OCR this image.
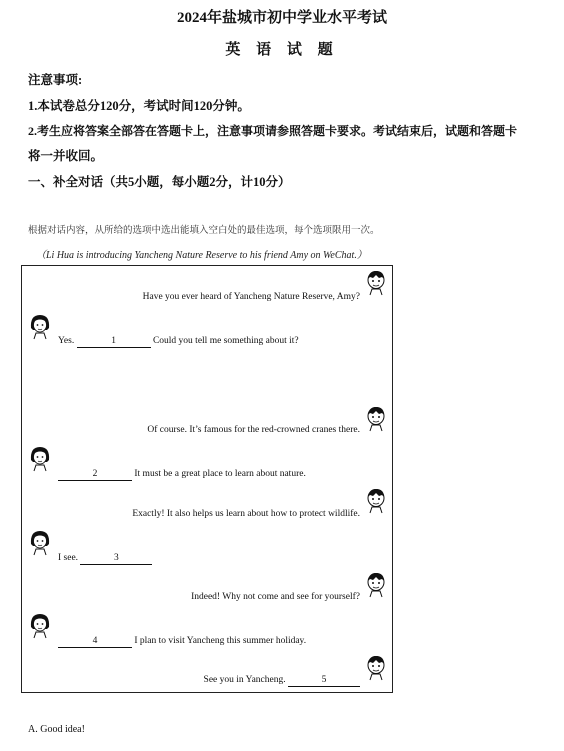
2024年盐城市初中学业水平考试
英 语 试 题
注意事项:
1.本试卷总分120分，考试时间120分钟。
2.考生应将答案全部答在答题卡上，注意事项请参照答题卡要求。考试结束后，试题和答题卡
将一并收回。
一、补全对话（共5小题，每小题2分，计10分）
根据对话内容，从所给的选项中选出能填入空白处的最佳选项，每个选项限用一次。
（Li Hua is introducing Yancheng Nature Reserve to his friend Amy on WeChat.）
Have you ever heard of Yancheng Nature Reserve, Amy?
Yes.	1	Could you tell me something about it?
Of course. It’s famous for the red-crowned cranes there.
2	It must be a great place to learn about nature.
Exactly! It also helps us learn about how to protect wildlife.
I see.	3
Indeed! Why not come and see for yourself?
4	I plan to visit Yancheng this summer holiday.
See you in Yancheng.	5
A. Good idea!
